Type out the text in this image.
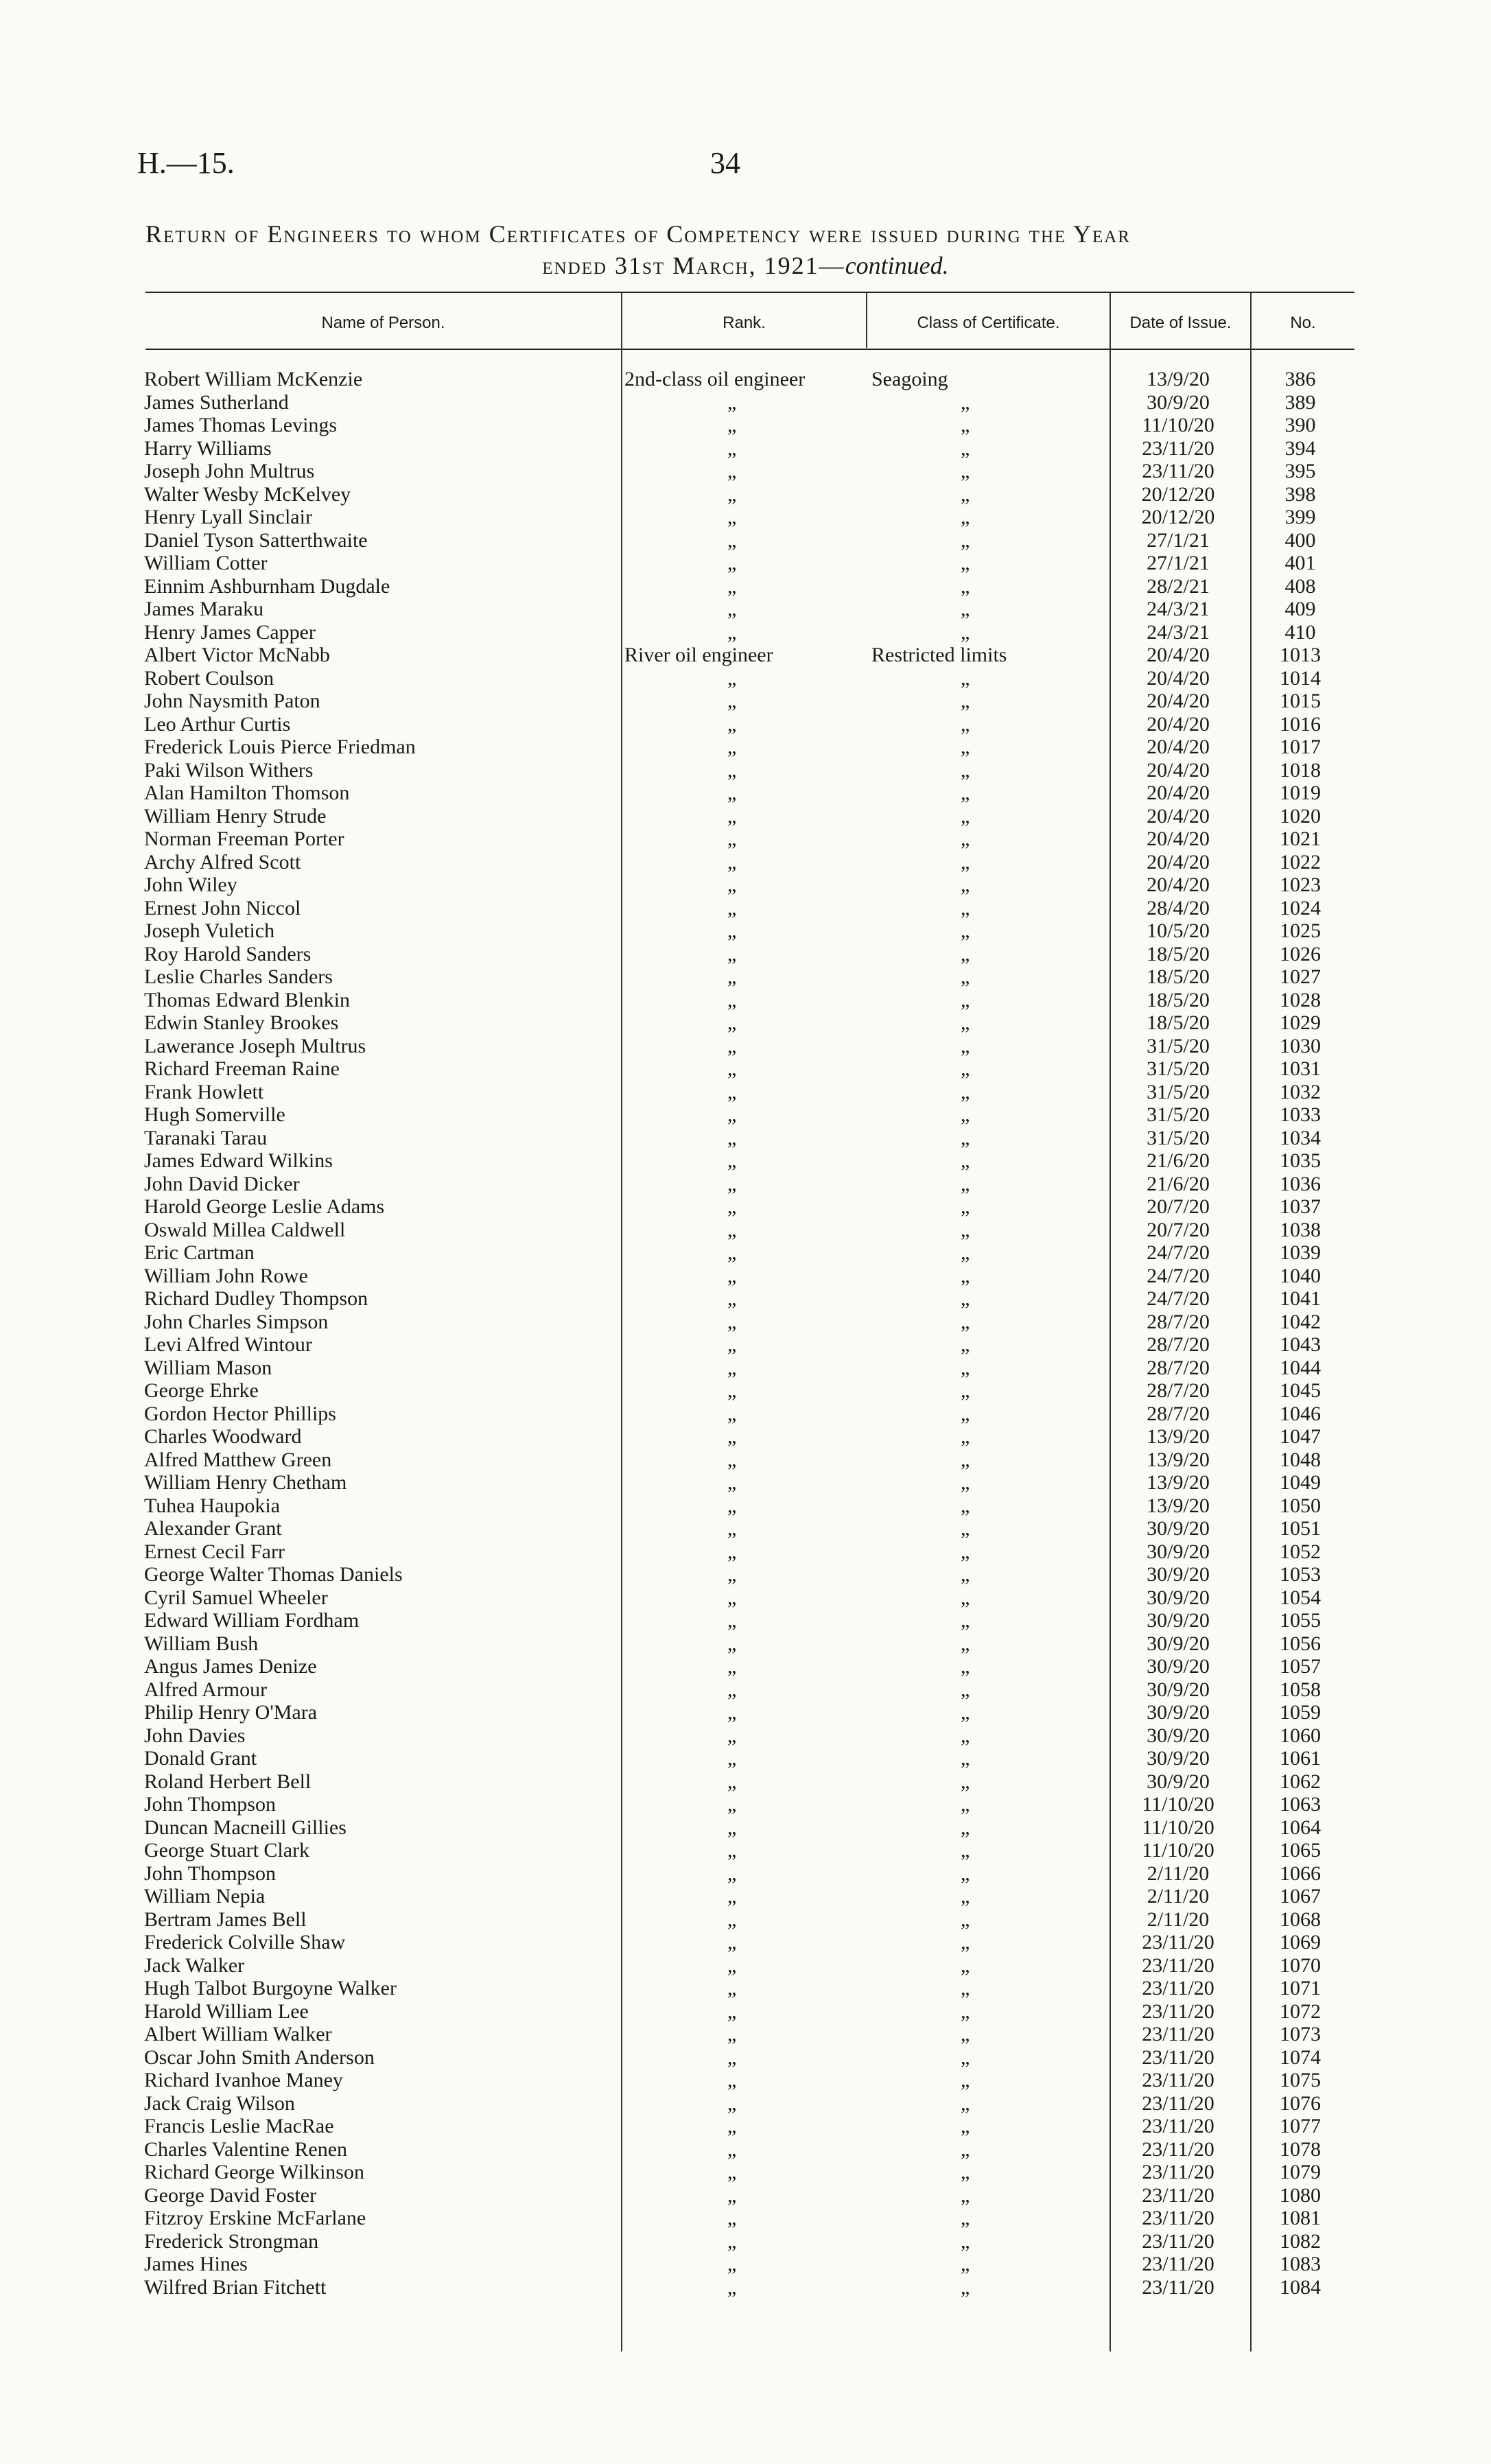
H.—15.	34
Return of Engineers to whom Certificates of Competency were issued during the Year
ended 31st March, 1921—continued.
Name of Person.	Rank.	Class of Certificate.	Date of Issue.	No.
Robert William McKenzie	2nd-class oil engineer	Seagoing	13/9/20	386
James Sutherland	„	„	30/9/20	389
James Thomas Levings	„	„	11/10/20	390
Harry Williams	„	„	23/11/20	394
Joseph John Multrus	„	„	23/11/20	395
Walter Wesby McKelvey	„	„	20/12/20	398
Henry Lyall Sinclair	„	„	20/12/20	399
Daniel Tyson Satterthwaite	„	„	27/1/21	400
William Cotter	„	„	27/1/21	401
Einnim Ashburnham Dugdale	„	„	28/2/21	408
James Maraku	„	„	24/3/21	409
Henry James Capper	„	„	24/3/21	410
Albert Victor McNabb	River oil engineer	Restricted limits	20/4/20	1013
Robert Coulson	„	„	20/4/20	1014
John Naysmith Paton	„	„	20/4/20	1015
Leo Arthur Curtis	„	„	20/4/20	1016
Frederick Louis Pierce Friedman	„	„	20/4/20	1017
Paki Wilson Withers	„	„	20/4/20	1018
Alan Hamilton Thomson	„	„	20/4/20	1019
William Henry Strude	„	„	20/4/20	1020
Norman Freeman Porter	„	„	20/4/20	1021
Archy Alfred Scott	„	„	20/4/20	1022
John Wiley	„	„	20/4/20	1023
Ernest John Niccol	„	„	28/4/20	1024
Joseph Vuletich	„	„	10/5/20	1025
Roy Harold Sanders	„	„	18/5/20	1026
Leslie Charles Sanders	„	„	18/5/20	1027
Thomas Edward Blenkin	„	„	18/5/20	1028
Edwin Stanley Brookes	„	„	18/5/20	1029
Lawerance Joseph Multrus	„	„	31/5/20	1030
Richard Freeman Raine	„	„	31/5/20	1031
Frank Howlett	„	„	31/5/20	1032
Hugh Somerville	„	„	31/5/20	1033
Taranaki Tarau	„	„	31/5/20	1034
James Edward Wilkins	„	„	21/6/20	1035
John David Dicker	„	„	21/6/20	1036
Harold George Leslie Adams	„	„	20/7/20	1037
Oswald Millea Caldwell	„	„	20/7/20	1038
Eric Cartman	„	„	24/7/20	1039
William John Rowe	„	„	24/7/20	1040
Richard Dudley Thompson	„	„	24/7/20	1041
John Charles Simpson	„	„	28/7/20	1042
Levi Alfred Wintour	„	„	28/7/20	1043
William Mason	„	„	28/7/20	1044
George Ehrke	„	„	28/7/20	1045
Gordon Hector Phillips	„	„	28/7/20	1046
Charles Woodward	„	„	13/9/20	1047
Alfred Matthew Green	„	„	13/9/20	1048
William Henry Chetham	„	„	13/9/20	1049
Tuhea Haupokia	„	„	13/9/20	1050
Alexander Grant	„	„	30/9/20	1051
Ernest Cecil Farr	„	„	30/9/20	1052
George Walter Thomas Daniels	„	„	30/9/20	1053
Cyril Samuel Wheeler	„	„	30/9/20	1054
Edward William Fordham	„	„	30/9/20	1055
William Bush	„	„	30/9/20	1056
Angus James Denize	„	„	30/9/20	1057
Alfred Armour	„	„	30/9/20	1058
Philip Henry O'Mara	„	„	30/9/20	1059
John Davies	„	„	30/9/20	1060
Donald Grant	„	„	30/9/20	1061
Roland Herbert Bell	„	„	30/9/20	1062
John Thompson	„	„	11/10/20	1063
Duncan Macneill Gillies	„	„	11/10/20	1064
George Stuart Clark	„	„	11/10/20	1065
John Thompson	„	„	2/11/20	1066
William Nepia	„	„	2/11/20	1067
Bertram James Bell	„	„	2/11/20	1068
Frederick Colville Shaw	„	„	23/11/20	1069
Jack Walker	„	„	23/11/20	1070
Hugh Talbot Burgoyne Walker	„	„	23/11/20	1071
Harold William Lee	„	„	23/11/20	1072
Albert William Walker	„	„	23/11/20	1073
Oscar John Smith Anderson	„	„	23/11/20	1074
Richard Ivanhoe Maney	„	„	23/11/20	1075
Jack Craig Wilson	„	„	23/11/20	1076
Francis Leslie MacRae	„	„	23/11/20	1077
Charles Valentine Renen	„	„	23/11/20	1078
Richard George Wilkinson	„	„	23/11/20	1079
George David Foster	„	„	23/11/20	1080
Fitzroy Erskine McFarlane	„	„	23/11/20	1081
Frederick Strongman	„	„	23/11/20	1082
James Hines	„	„	23/11/20	1083
Wilfred Brian Fitchett	„	„	23/11/20	1084
